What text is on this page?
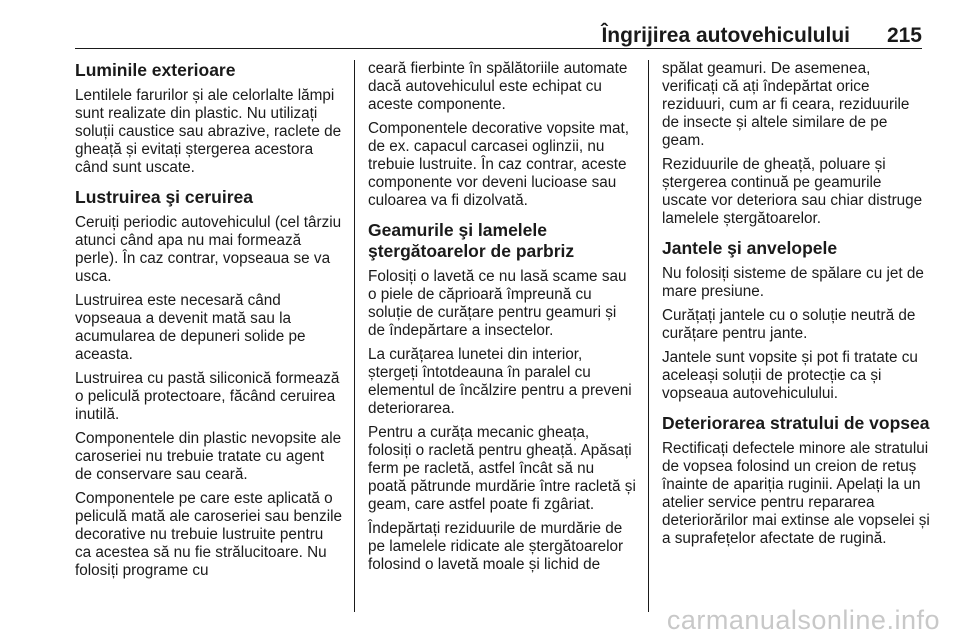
Îngrijirea autovehiculului 215
Luminile exterioare

Lentilele farurilor și ale celorlalte lămpi sunt realizate din plastic. Nu utilizați soluții caustice sau abrazive, raclete de gheață și evitați ștergerea acestora când sunt uscate.

Lustruirea şi ceruirea

Ceruiți periodic autovehiculul (cel târziu atunci când apa nu mai formează perle). În caz contrar, vopseaua se va usca.

Lustruirea este necesară când vopseaua a devenit mată sau la acumularea de depuneri solide pe aceasta.

Lustruirea cu pastă siliconică formează o peliculă protectoare, făcând ceruirea inutilă.

Componentele din plastic nevopsite ale caroseriei nu trebuie tratate cu agent de conservare sau ceară.

Componentele pe care este aplicată o peliculă mată ale caroseriei sau benzile decorative nu trebuie lustruite pentru ca acestea să nu fie strălucitoare. Nu folosiți programe cu

ceară fierbinte în spălătoriile automate dacă autovehiculul este echipat cu aceste componente.

Componentele decorative vopsite mat, de ex. capacul carcasei oglinzii, nu trebuie lustruite. În caz contrar, aceste componente vor deveni lucioase sau culoarea va fi dizolvată.

Geamurile şi lamelele ştergătoarelor de parbriz

Folosiți o lavetă ce nu lasă scame sau o piele de căprioară împreună cu soluție de curățare pentru geamuri și de îndepărtare a insectelor.

La curățarea lunetei din interior, ștergeți întotdeauna în paralel cu elementul de încălzire pentru a preveni deteriorarea.

Pentru a curăța mecanic gheața, folosiți o racletă pentru gheață. Apăsați ferm pe racletă, astfel încât să nu poată pătrunde murdărie între racletă și geam, care astfel poate fi zgâriat.

Îndepărtați reziduurile de murdărie de pe lamelele ridicate ale ștergătoarelor folosind o lavetă moale și lichid de

spălat geamuri. De asemenea, verificați că ați îndepărtat orice reziduuri, cum ar fi ceara, reziduurile de insecte și altele similare de pe geam.

Reziduurile de gheață, poluare și ștergerea continuă pe geamurile uscate vor deteriora sau chiar distruge lamelele ștergătoarelor.

Jantele şi anvelopele

Nu folosiți sisteme de spălare cu jet de mare presiune.

Curățați jantele cu o soluție neutră de curățare pentru jante.

Jantele sunt vopsite și pot fi tratate cu aceleași soluții de protecție ca și vopseaua autovehiculului.

Deteriorarea stratului de vopsea

Rectificați defectele minore ale stratului de vopsea folosind un creion de retuș înainte de apariția ruginii. Apelați la un atelier service pentru repararea deteriorărilor mai extinse ale vopselei și a suprafețelor afectate de rugină.

carmanualsonline.info
